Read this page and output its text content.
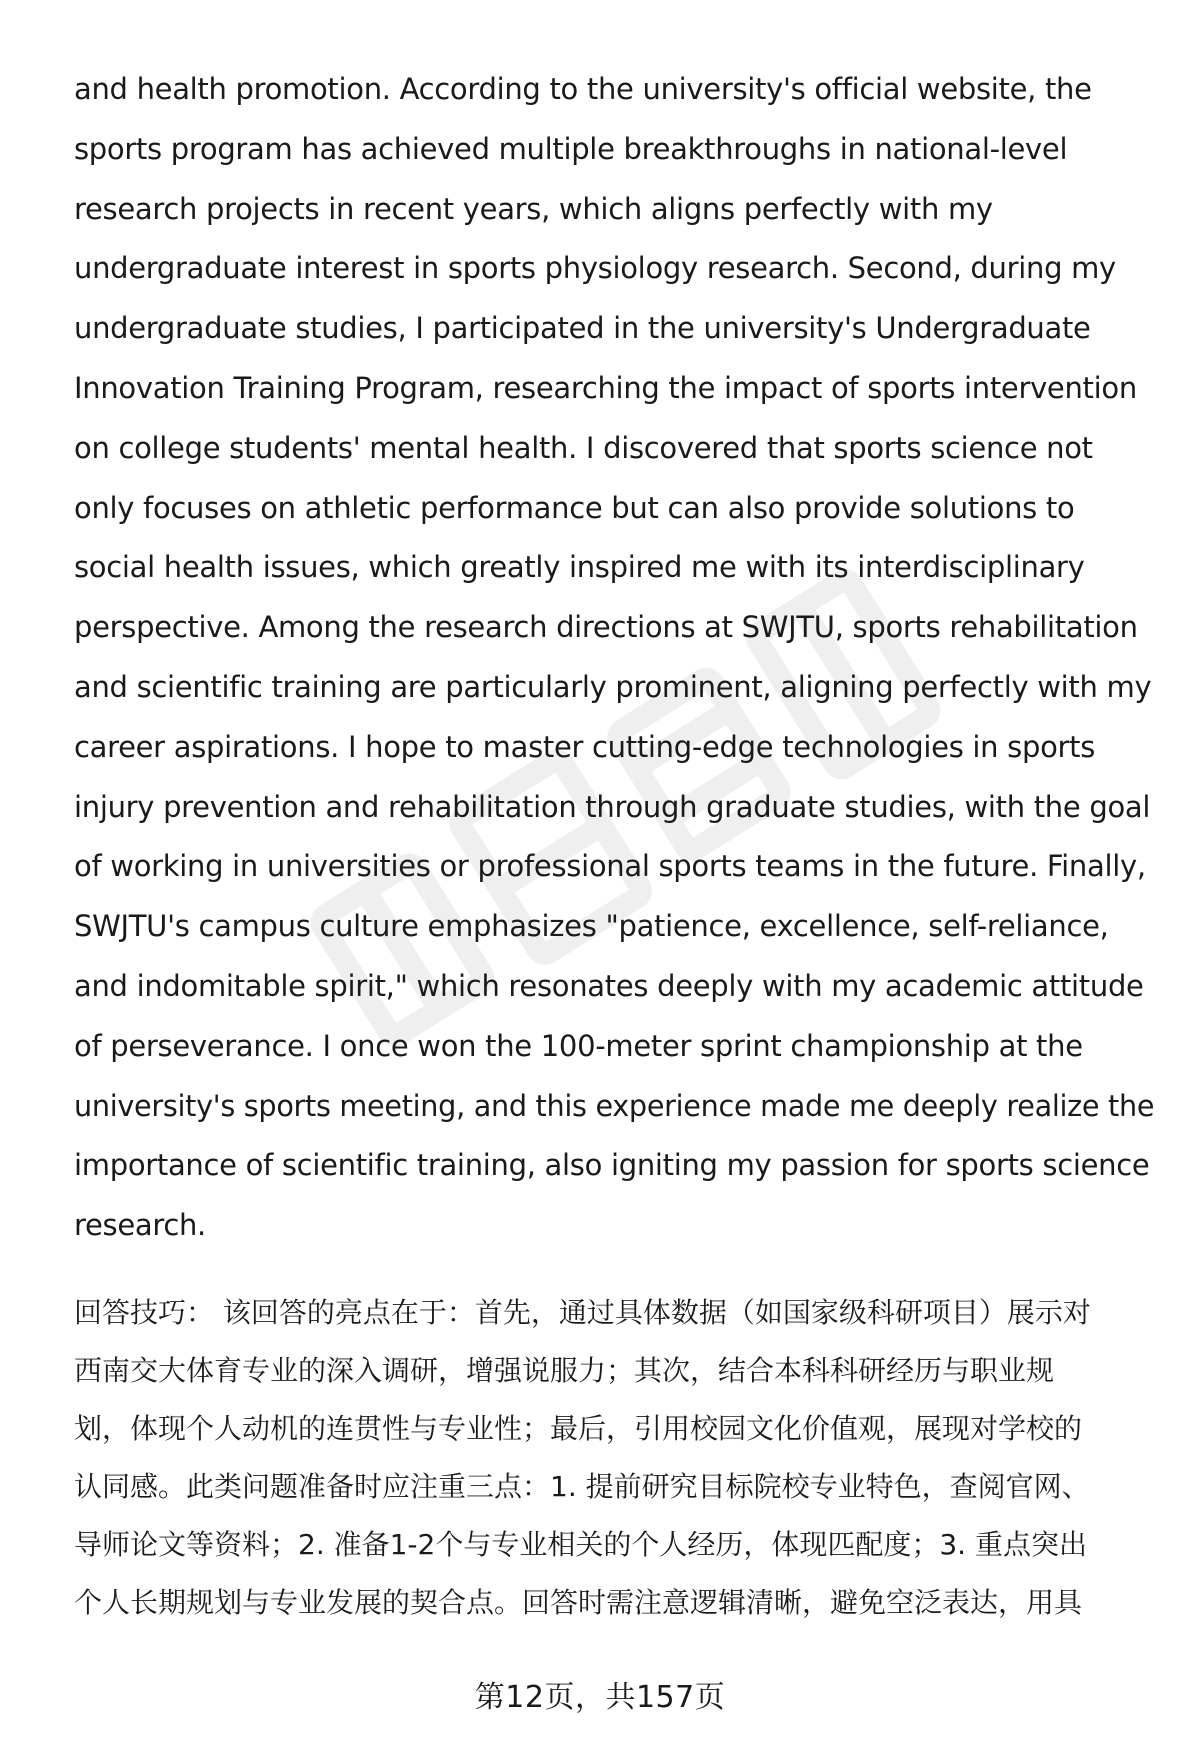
and health promotion. According to the university's official website, the
sports program has achieved multiple breakthroughs in national-level
research projects in recent years, which aligns perfectly with my
undergraduate interest in sports physiology research. Second, during my
undergraduate studies, I participated in the university's Undergraduate
Innovation Training Program, researching the impact of sports intervention
on college students' mental health. I discovered that sports science not
only focuses on athletic performance but can also provide solutions to
social health issues, which greatly inspired me with its interdisciplinary
perspective. Among the research directions at SWJTU, sports rehabilitation
and scientific training are particularly prominent, aligning perfectly with my
career aspirations. I hope to master cutting-edge technologies in sports
injury prevention and rehabilitation through graduate studies, with the goal
of working in universities or professional sports teams in the future. Finally,
SWJTU's campus culture emphasizes "patience, excellence, self-reliance,
and indomitable spirit," which resonates deeply with my academic attitude
of perseverance. I once won the 100-meter sprint championship at the
university's sports meeting, and this experience made me deeply realize the
importance of scientific training, also igniting my passion for sports science
research.

回答技巧： 该回答的亮点在于：首先，通过具体数据（如国家级科研项目）展示对
西南交大体育专业的深入调研，增强说服力；其次，结合本科科研经历与职业规
划，体现个人动机的连贯性与专业性；最后，引用校园文化价值观，展现对学校的
认同感。此类问题准备时应注重三点：1. 提前研究目标院校专业特色，查阅官网、
导师论文等资料；2. 准备1-2个与专业相关的个人经历，体现匹配度；3. 重点突出
个人长期规划与专业发展的契合点。回答时需注意逻辑清晰，避免空泛表达，用具

第12页，共157页
